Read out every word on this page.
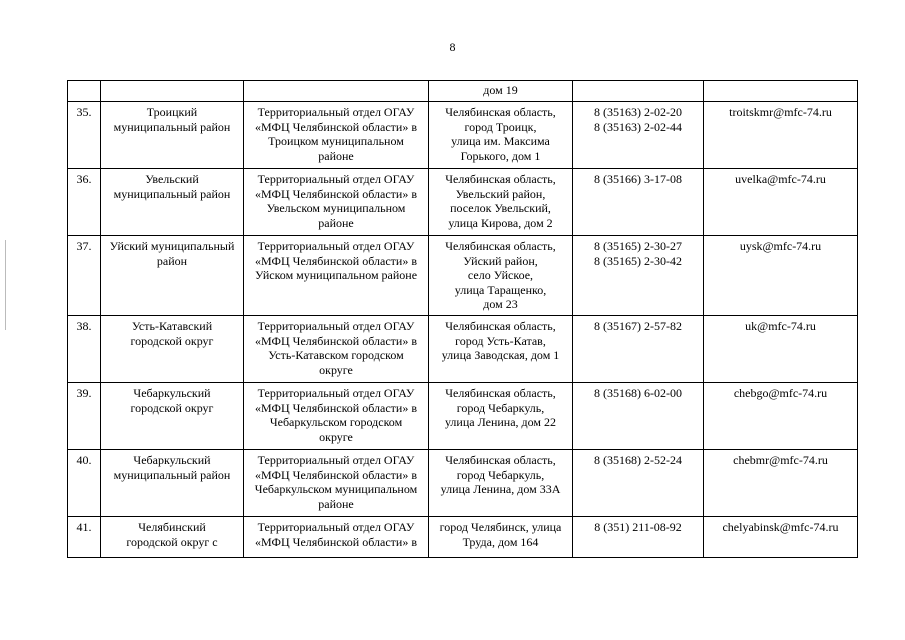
8

			дом 19		

35.	Троицкий
муниципальный район	Территориальный отдел ОГАУ
«МФЦ Челябинской области» в
Троицком муниципальном
районе	Челябинская область,
город Троицк,
улица им. Максима
Горького, дом 1	8 (35163) 2-02-20
8 (35163) 2-02-44	troitskmr@mfc-74.ru

36.	Увельский
муниципальный район	Территориальный отдел ОГАУ
«МФЦ Челябинской области» в
Увельском муниципальном
районе	Челябинская область,
Увельский район,
поселок Увельский,
улица Кирова, дом 2	8 (35166) 3-17-08	uvelka@mfc-74.ru

37.	Уйский муниципальный
район	Территориальный отдел ОГАУ
«МФЦ Челябинской области» в
Уйском муниципальном районе	Челябинская область,
Уйский район,
село Уйское,
улица Таращенко,
дом 23	8 (35165) 2-30-27
8 (35165) 2-30-42	uysk@mfc-74.ru

38.	Усть-Катавский
городской округ	Территориальный отдел ОГАУ
«МФЦ Челябинской области» в
Усть-Катавском городском
округе	Челябинская область,
город Усть-Катав,
улица Заводская, дом 1	8 (35167) 2-57-82	uk@mfc-74.ru

39.	Чебаркульский
городской округ	Территориальный отдел ОГАУ
«МФЦ Челябинской области» в
Чебаркульском городском
округе	Челябинская область,
город Чебаркуль,
улица Ленина, дом 22	8 (35168) 6-02-00	chebgo@mfc-74.ru

40.	Чебаркульский
муниципальный район	Территориальный отдел ОГАУ
«МФЦ Челябинской области» в
Чебаркульском муниципальном
районе	Челябинская область,
город Чебаркуль,
улица Ленина, дом 33А	8 (35168) 2-52-24	chebmr@mfc-74.ru

41.	Челябинский
городской округ с	Территориальный отдел ОГАУ
«МФЦ Челябинской области» в	город Челябинск, улица
Труда, дом 164	8 (351) 211-08-92	chelyabinsk@mfc-74.ru
